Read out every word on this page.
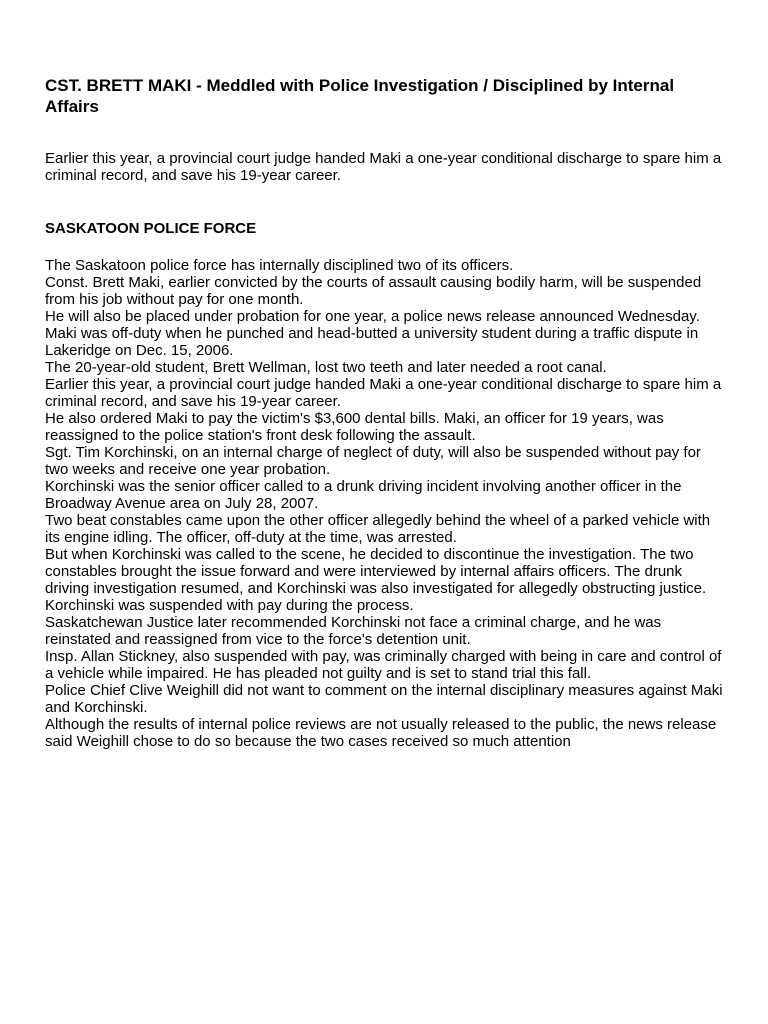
CST. BRETT MAKI - Meddled with Police Investigation / Disciplined by Internal Affairs

Earlier this year, a provincial court judge handed Maki a one-year conditional discharge to spare him a criminal record, and save his 19-year career.

SASKATOON POLICE FORCE
The Saskatoon police force has internally disciplined two of its officers.
Const. Brett Maki, earlier convicted by the courts of assault causing bodily harm, will be suspended from his job without pay for one month.
He will also be placed under probation for one year, a police news release announced Wednesday.
Maki was off-duty when he punched and head-butted a university student during a traffic dispute in Lakeridge on Dec. 15, 2006.
The 20-year-old student, Brett Wellman, lost two teeth and later needed a root canal.
Earlier this year, a provincial court judge handed Maki a one-year conditional discharge to spare him a criminal record, and save his 19-year career.
He also ordered Maki to pay the victim's $3,600 dental bills. Maki, an officer for 19 years, was reassigned to the police station's front desk following the assault.
Sgt. Tim Korchinski, on an internal charge of neglect of duty, will also be suspended without pay for two weeks and receive one year probation.
Korchinski was the senior officer called to a drunk driving incident involving another officer in the Broadway Avenue area on July 28, 2007.
Two beat constables came upon the other officer allegedly behind the wheel of a parked vehicle with its engine idling. The officer, off-duty at the time, was arrested.
But when Korchinski was called to the scene, he decided to discontinue the investigation. The two constables brought the issue forward and were interviewed by internal affairs officers. The drunk driving investigation resumed, and Korchinski was also investigated for allegedly obstructing justice.
Korchinski was suspended with pay during the process.
Saskatchewan Justice later recommended Korchinski not face a criminal charge, and he was reinstated and reassigned from vice to the force's detention unit.
Insp. Allan Stickney, also suspended with pay, was criminally charged with being in care and control of a vehicle while impaired. He has pleaded not guilty and is set to stand trial this fall.
Police Chief Clive Weighill did not want to comment on the internal disciplinary measures against Maki and Korchinski.
Although the results of internal police reviews are not usually released to the public, the news release said Weighill chose to do so because the two cases received so much attention
